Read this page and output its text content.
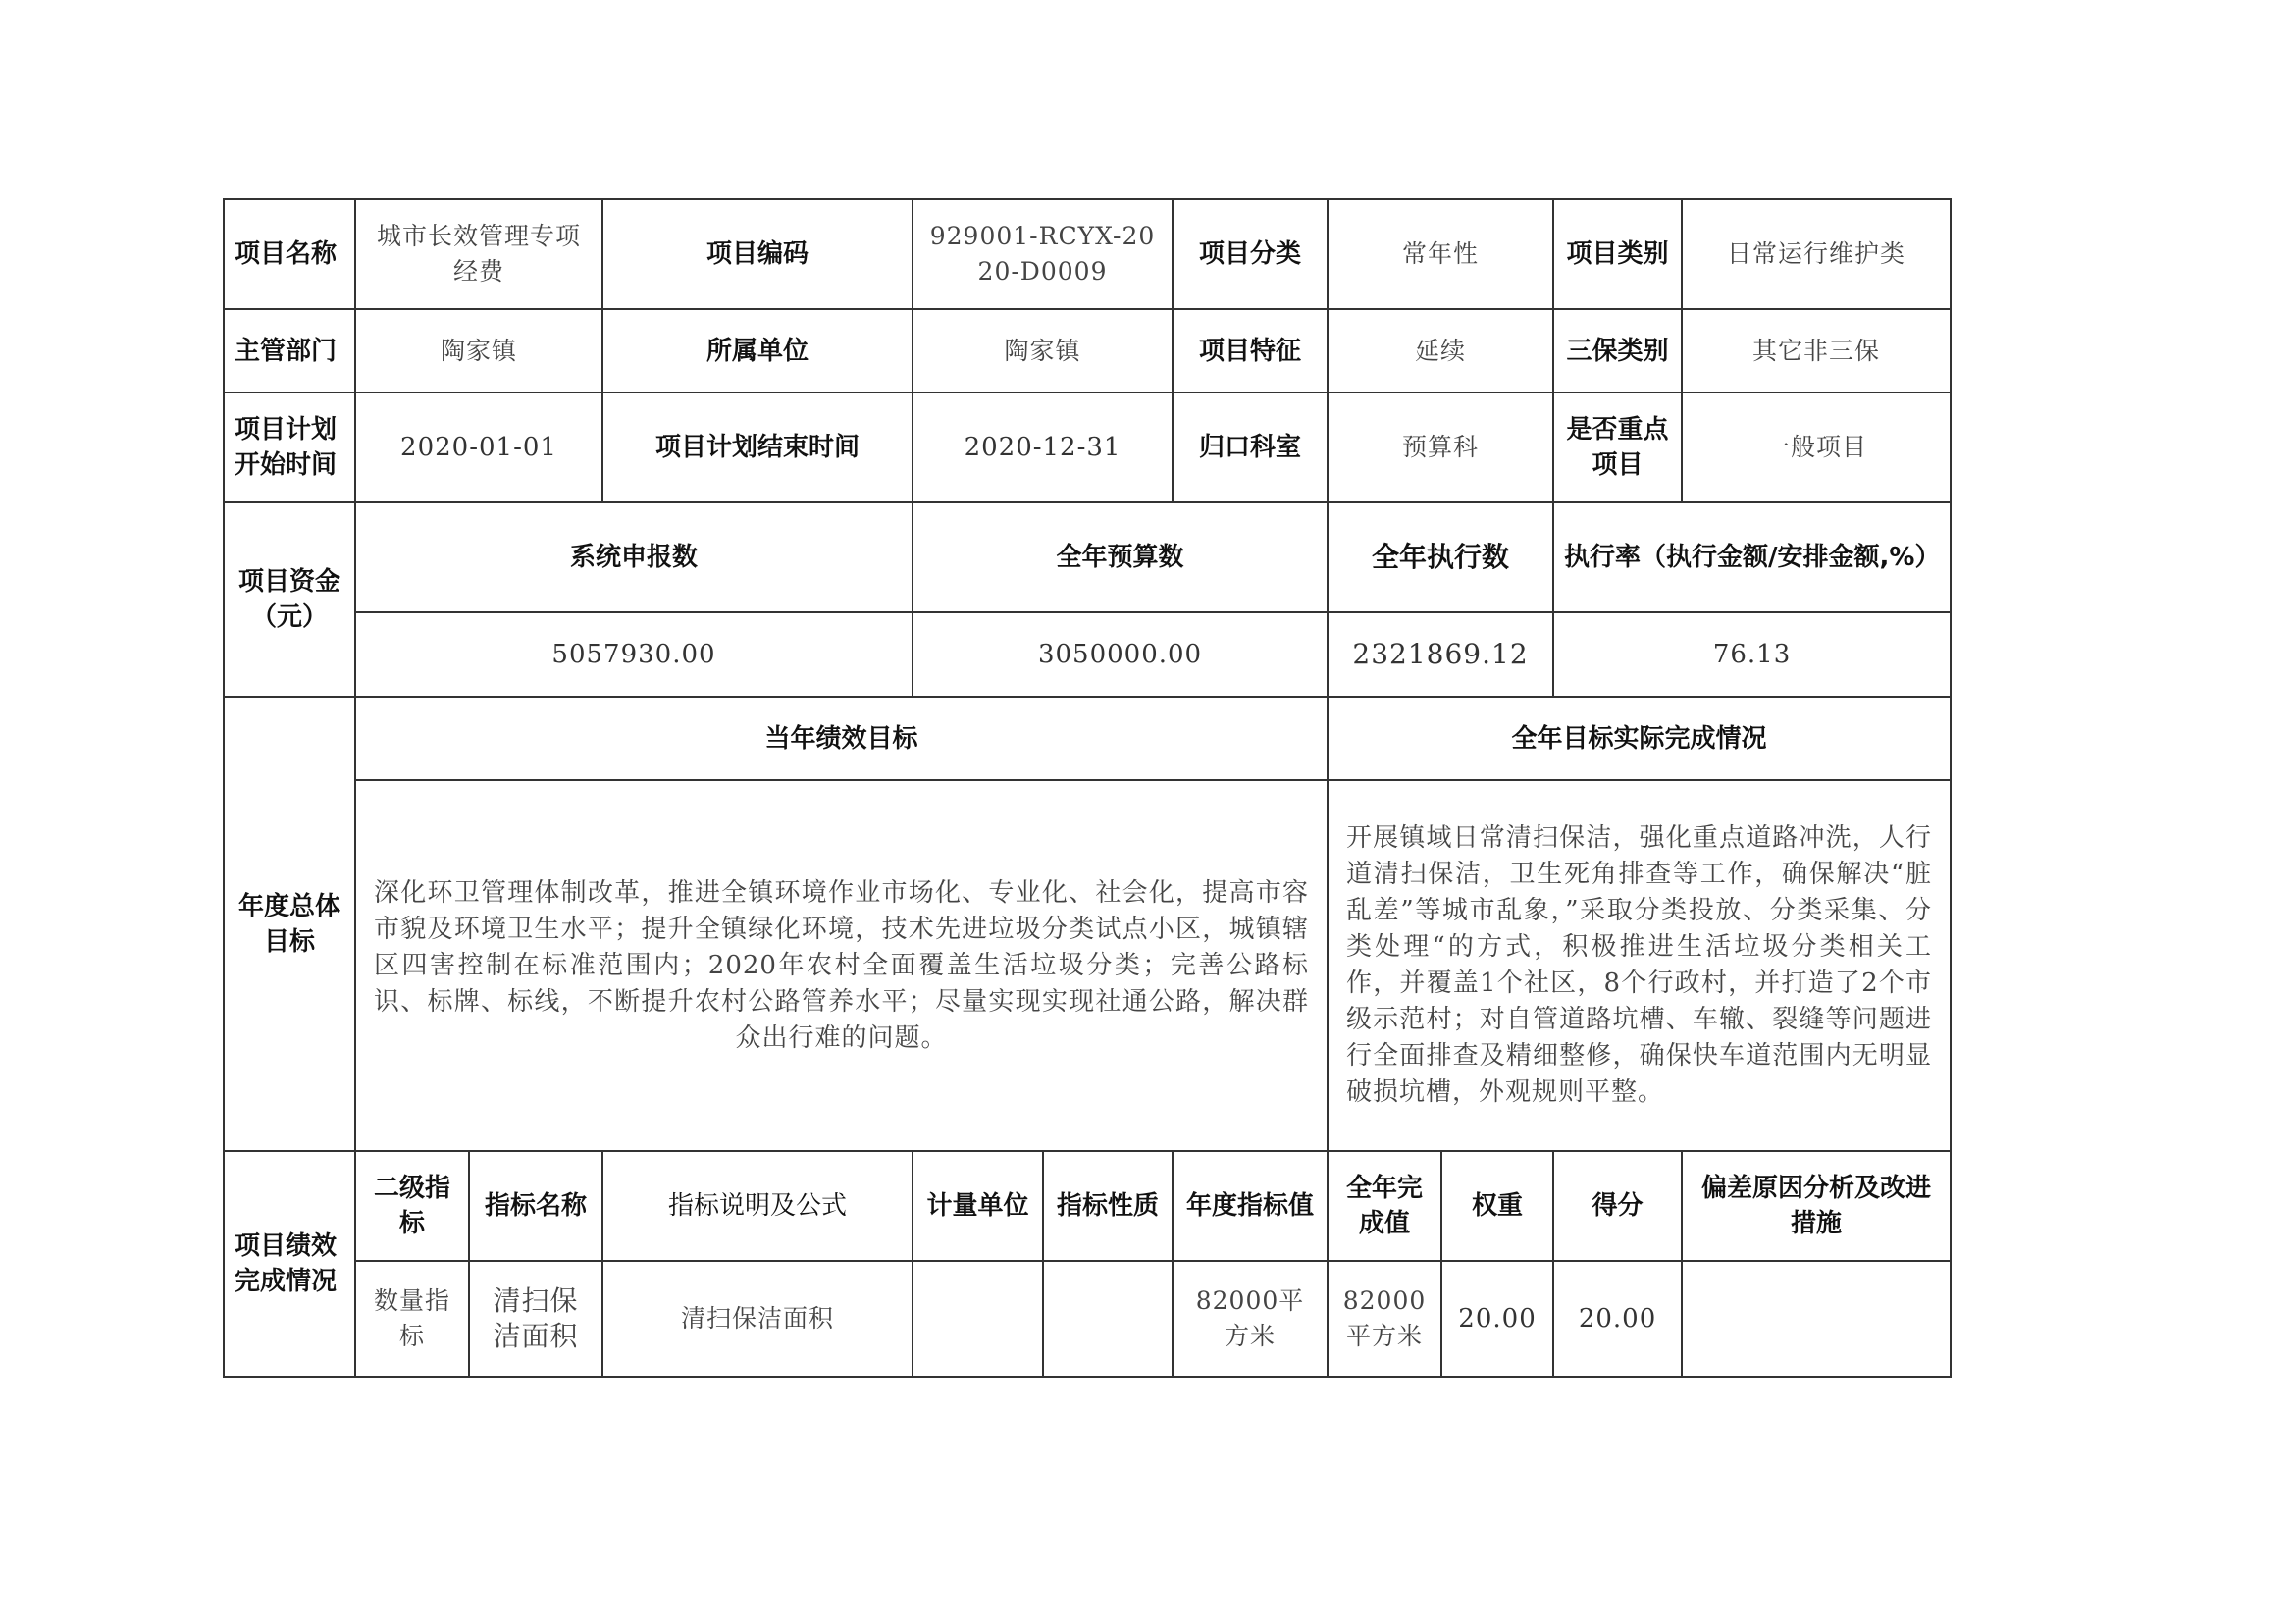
项目名称	城市长效管理专项经费		项目编码	929001-RCYX-2020-D0009		项目分类	常年性		项目类别	日常运行维护类	
主管部门	陶家镇		所属单位	陶家镇		项目特征	延续		三保类别	其它非三保	
项目计划开始时间	2020-01-01		项目计划结束时间	2020-12-31		归口科室	预算科		是否重点项目	一般项目	
项目资金（元）	系统申报数			全年预算数			全年执行数		执行率（执行金额/安排金额,%）	
	5057930.00			3050000.00			2321869.12		76.13	
年度总体目标	当年绩效目标						全年目标实际完成情况				
	深化环卫管理体制改革，推进全镇环境作业市场化、专业化、社会化，提高市容市貌及环境卫生水平；提升全镇绿化环境，技术先进垃圾分类试点小区，城镇辖区四害控制在标准范围内；2020年农村全面覆盖生活垃圾分类；完善公路标识、标牌、标线，不断提升农村公路管养水平；尽量实现实现社通公路，解决群众出行难的问题。						开展镇域日常清扫保洁，强化重点道路冲洗，人行道清扫保洁，卫生死角排查等工作，确保解决“脏乱差”等城市乱象，”采取分类投放、分类采集、分类处理“的方式，积极推进生活垃圾分类相关工作，并覆盖1个社区，8个行政村，并打造了2个市级示范村；对自管道路坑槽、车辙、裂缝等问题进行全面排查及精细整修，确保快车道范围内无明显破损坑槽，外观规则平整。				
项目绩效完成情况	二级指标	指标名称	指标说明及公式	计量单位	指标性质	年度指标值	全年完成值	权重	得分	偏差原因分析及改进措施	
	数量指标	清扫保洁面积	清扫保洁面积			82000平方米	82000平方米	20.00	20.00		
